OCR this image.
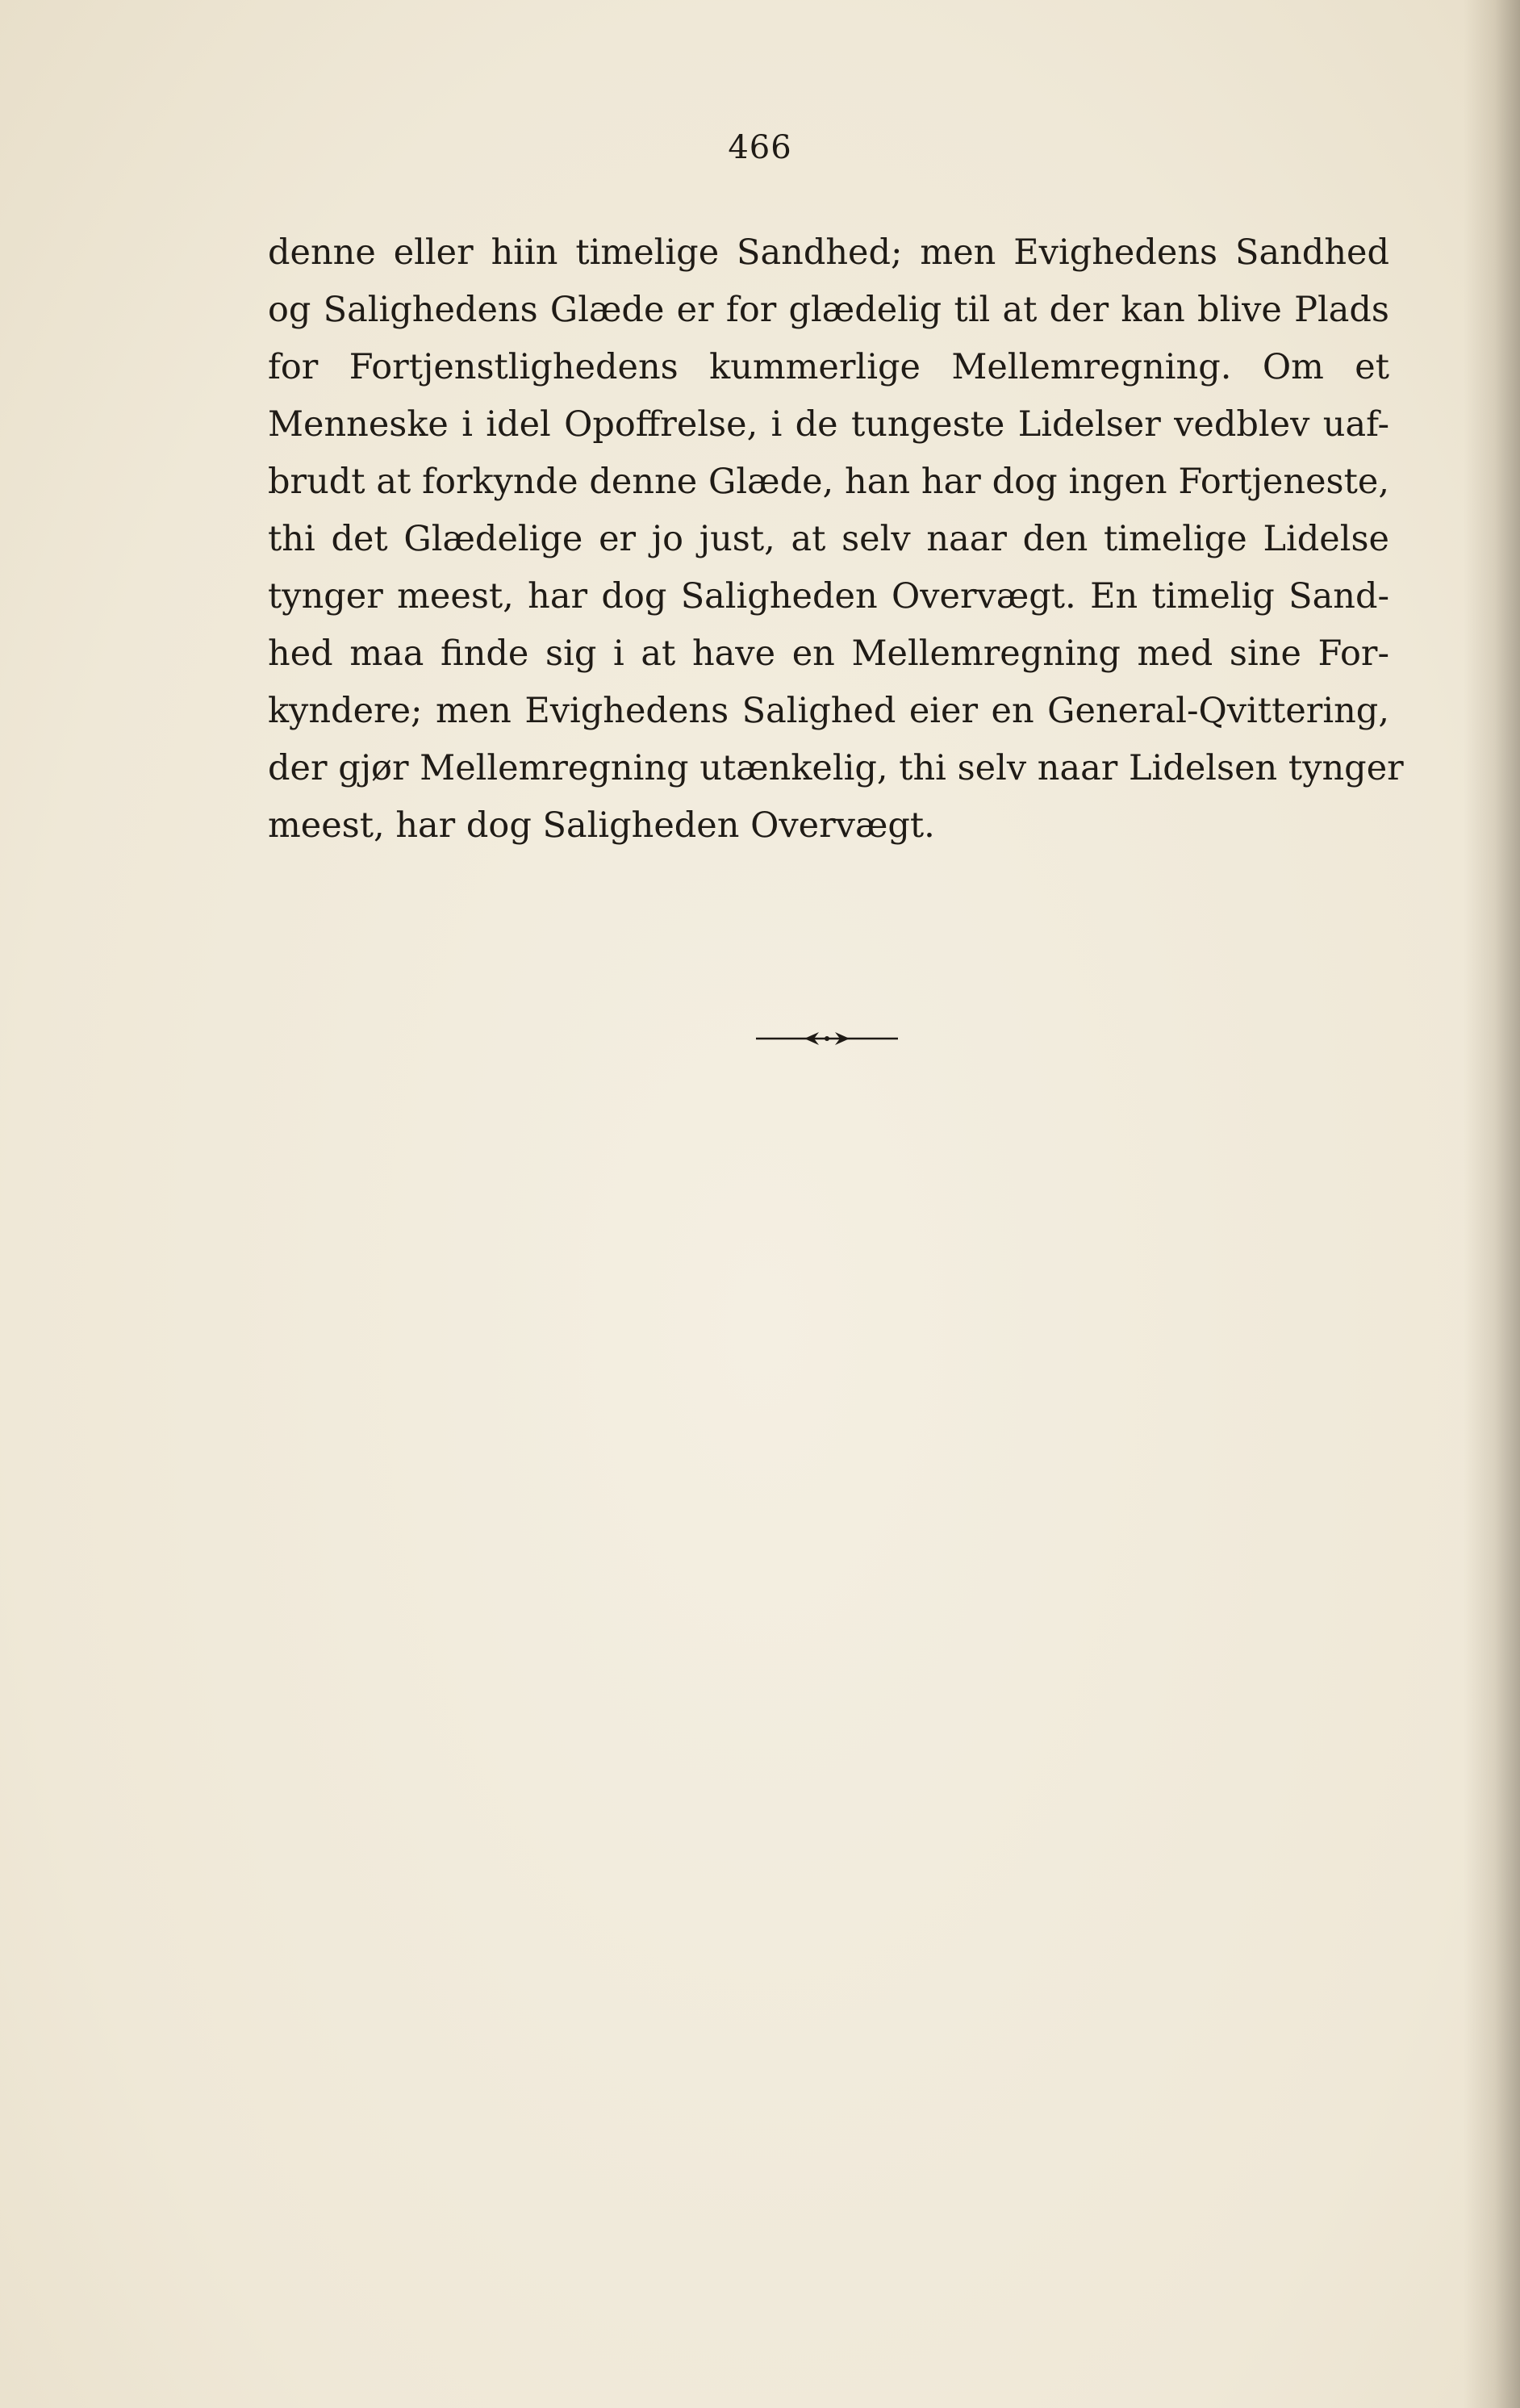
466
denne eller hiin timelige Sandhed; men Evighedens Sandhed
og Salighedens Glæde er for glædelig til at der kan blive Plads
for Fortjenstlighedens kummerlige Mellemregning. Om et
Menneske i idel Opoffrelse, i de tungeste Lidelser vedblev uaf-
brudt at forkynde denne Glæde, han har dog ingen Fortjeneste,
thi det Glædelige er jo just, at selv naar den timelige Lidelse
tynger meest, har dog Saligheden Overvægt. En timelig Sand-
hed maa finde sig i at have en Mellemregning med sine For-
kyndere; men Evighedens Salighed eier en General-Qvittering,
der gjør Mellemregning utænkelig, thi selv naar Lidelsen tynger
meest, har dog Saligheden Overvægt.
